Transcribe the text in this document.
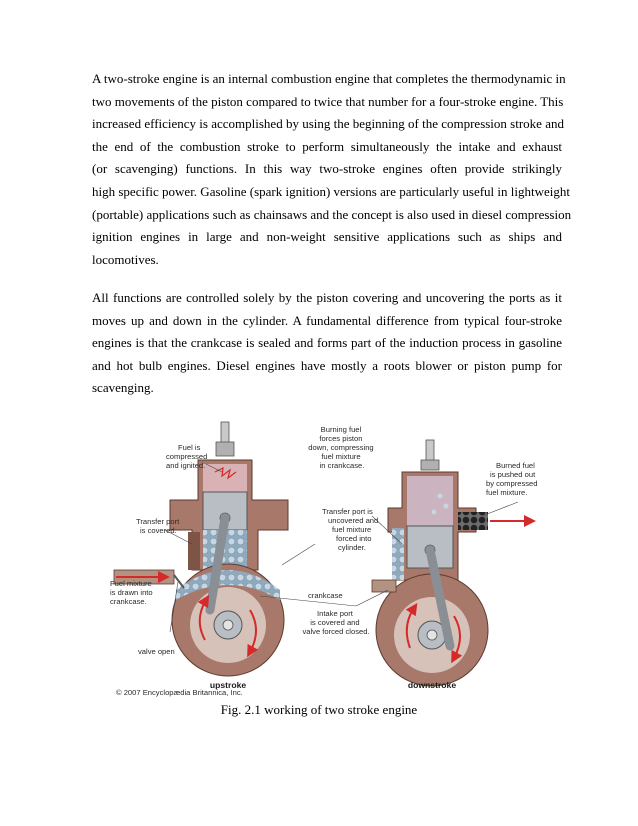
A two-stroke engine is an internal combustion engine that completes the thermodynamic in
two movements of the piston compared to twice that number for a four-stroke engine. This
increased efficiency is accomplished by using the beginning of the compression stroke and
the end of the combustion stroke to perform simultaneously the intake and exhaust
(or scavenging) functions. In this way two-stroke engines often provide strikingly
high specific power. Gasoline (spark ignition) versions are particularly useful in lightweight
(portable) applications such as chainsaws and the concept is also used in diesel compression
ignition engines in large and non-weight sensitive applications such as ships and
locomotives.
All functions are controlled solely by the piston covering and uncovering the ports as it
moves up and down in the cylinder. A fundamental difference from typical four-stroke
engines is that the crankcase is sealed and forms part of the induction process in gasoline
and hot bulb engines. Diesel engines have mostly a roots blower or piston pump for
scavenging.
Fuel is compressed and ignited.
Burning fuel forces piston down, compressing fuel mixture in crankcase.	Burned fuel is pushed out by compressed fuel mixture.
Transfer port is covered.
Transfer port is uncovered and fuel mixture forced into cylinder.
Fuel mixture is drawn into crankcase.
crankcase
Intake port is covered and valve forced closed.
valve open
upstroke	downstroke
© 2007 Encyclopædia Britannica, Inc.
Fig. 2.1 working of two stroke engine
